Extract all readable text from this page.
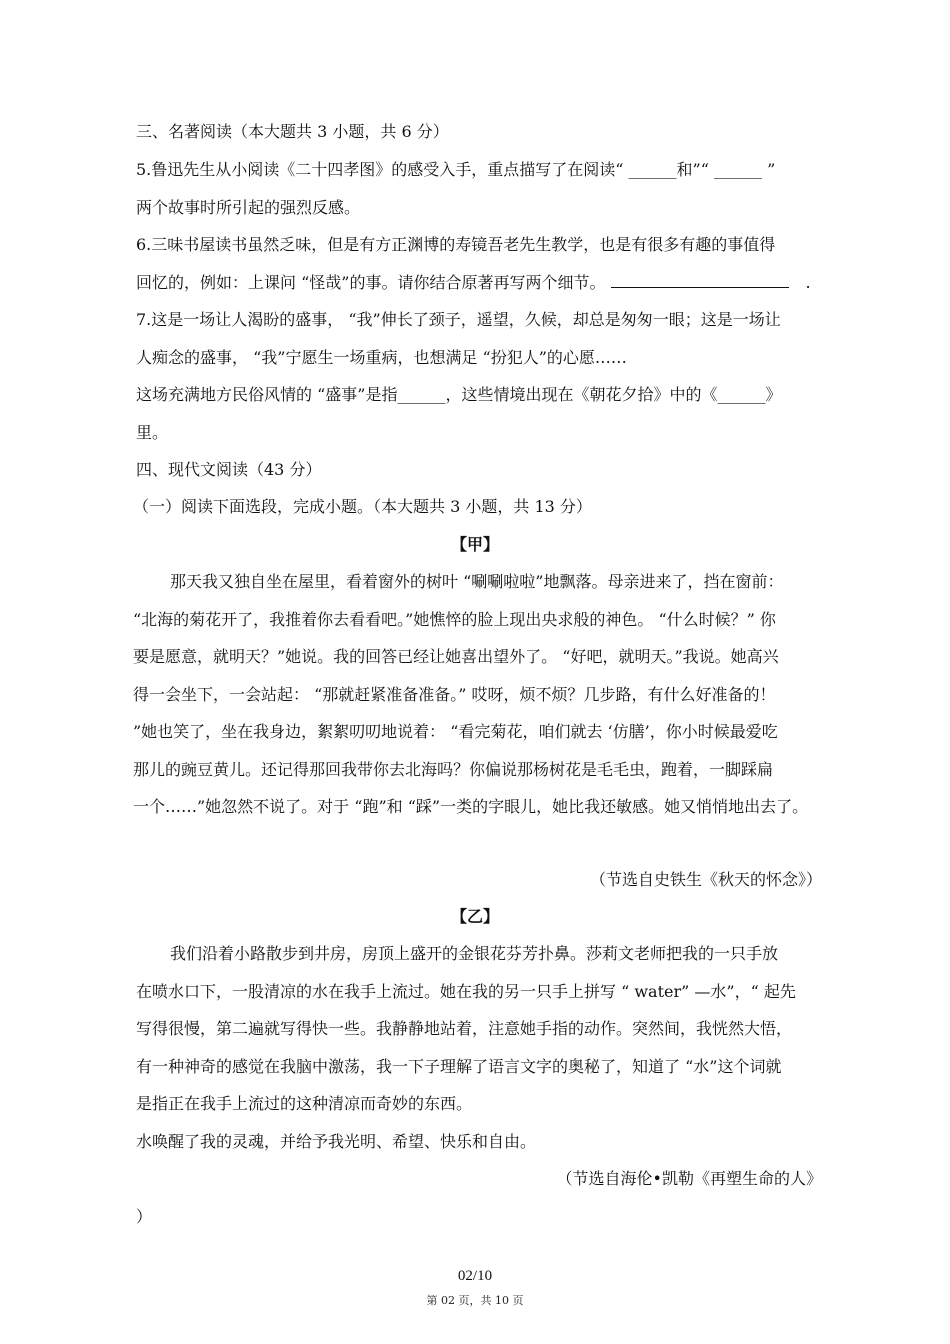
三、名著阅读（本大题共 3 小题，共 6 分）
5.鲁迅先生从小阅读《二十四孝图》的感受入手，重点描写了在阅读“ ______和”“ ______ ”
两个故事时所引起的强烈反感。
6.三味书屋读书虽然乏味，但是有方正渊博的寿镜吾老先生教学，也是有很多有趣的事值得
回忆的，例如：上课问 “怪哉”的事。请你结合原著再写两个细节。	.
7.这是一场让人渴盼的盛事， “我”伸长了颈子，遥望，久候，却总是匆匆一眼；这是一场让
人痴念的盛事， “我”宁愿生一场重病，也想满足 “扮犯人”的心愿……
这场充满地方民俗风情的 “盛事”是指______，这些情境出现在《朝花夕拾》中的《______》
里。
四、现代文阅读（43 分）
（一）阅读下面选段，完成小题。（本大题共 3 小题，共 13 分）
【甲】
那天我又独自坐在屋里，看着窗外的树叶 “唰唰啦啦”地飘落。母亲进来了，挡在窗前：
“北海的菊花开了，我推着你去看看吧。”她憔悴的脸上现出央求般的神色。 “什么时候？” 你
要是愿意，就明天？”她说。我的回答已经让她喜出望外了。 “好吧，就明天。”我说。她高兴
得一会坐下，一会站起： “那就赶紧准备准备。” 哎呀，烦不烦？几步路，有什么好准备的！
”她也笑了，坐在我身边，絮絮叨叨地说着： “看完菊花，咱们就去 ‘仿膳’，你小时候最爱吃
那儿的豌豆黄儿。还记得那回我带你去北海吗？你偏说那杨树花是毛毛虫，跑着，一脚踩扁
一个……”她忽然不说了。对于 “跑”和 “踩”一类的字眼儿，她比我还敏感。她又悄悄地出去了。
（节选自史铁生《秋天的怀念》）
【乙】
我们沿着小路散步到井房，房顶上盛开的金银花芬芳扑鼻。莎莉文老师把我的一只手放
在喷水口下，一股清凉的水在我手上流过。她在我的另一只手上拼写 “ water” —水”，“ 起先
写得很慢，第二遍就写得快一些。我静静地站着，注意她手指的动作。突然间，我恍然大悟，
有一种神奇的感觉在我脑中激荡，我一下子理解了语言文字的奥秘了，知道了 “水”这个词就
是指正在我手上流过的这种清凉而奇妙的东西。
水唤醒了我的灵魂，并给予我光明、希望、快乐和自由。
（节选自海伦•凯勒《再塑生命的人》
）
02/10
第 02 页，共 10 页
